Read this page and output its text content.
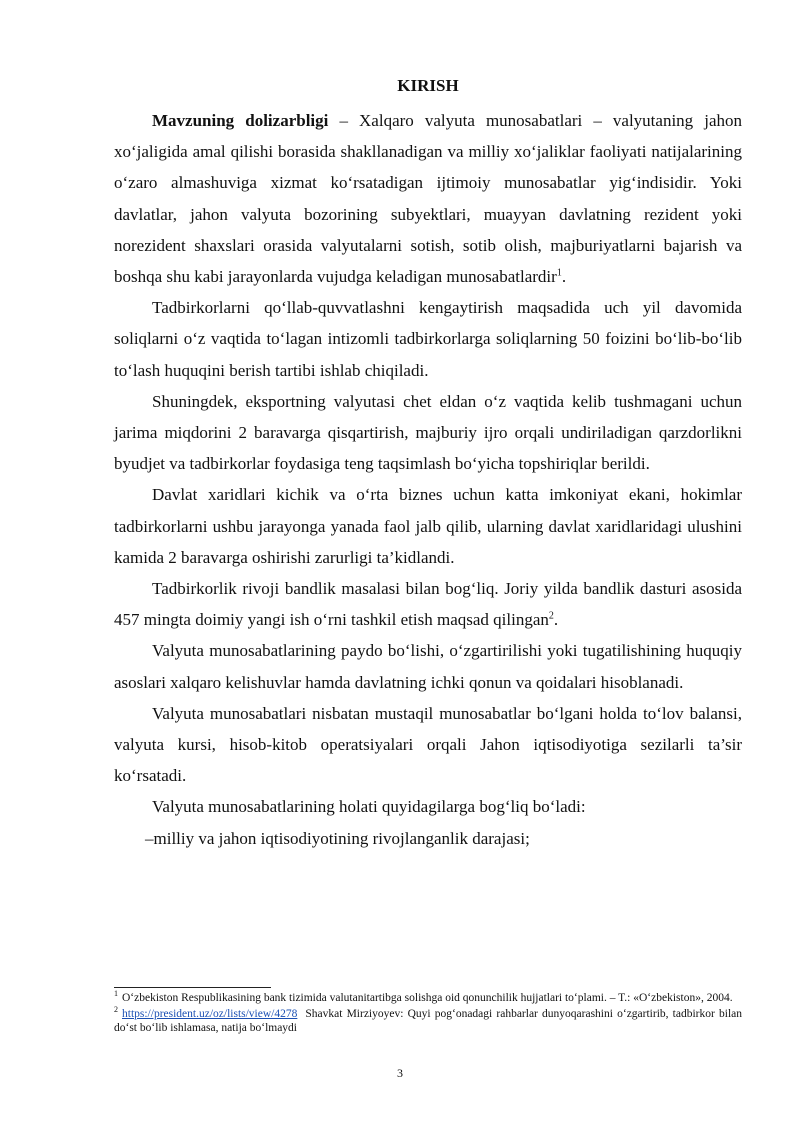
KIRISH

Mavzuning dolizarbligi – Xalqaro valyuta munosabatlari – valyutaning jahon xo‘jaligida amal qilishi borasida shakllanadigan va milliy xo‘jaliklar faoliyati natijalarining o‘zaro almashuviga xizmat ko‘rsatadigan ijtimoiy munosabatlar yig‘indisidir. Yoki davlatlar, jahon valyuta bozorining subyektlari, muayyan davlatning rezident yoki norezident shaxslari orasida valyutalarni sotish, sotib olish, majburiyatlarni bajarish va boshqa shu kabi jarayonlarda vujudga keladigan munosabatlardir$^1$.

Tadbirkorlarni qo‘llab-quvvatlashni kengaytirish maqsadida uch yil davomida soliqlarni o‘z vaqtida to‘lagan intizomli tadbirkorlarga soliqlarning 50 foizini bo‘lib-bo‘lib to‘lash huquqini berish tartibi ishlab chiqiladi.

Shuningdek, eksportning valyutasi chet eldan o‘z vaqtida kelib tushmagani uchun jarima miqdorini 2 baravarga qisqartirish, majburiy ijro orqali undiriladigan qarzdorlikni byudjet va tadbirkorlar foydasiga teng taqsimlash bo‘yicha topshiriqlar berildi.

Davlat xaridlari kichik va o‘rta biznes uchun katta imkoniyat ekani, hokimlar tadbirkorlarni ushbu jarayonga yanada faol jalb qilib, ularning davlat xaridlaridagi ulushini kamida 2 baravarga oshirishi zarurligi ta’kidlandi.

Tadbirkorlik rivoji bandlik masalasi bilan bog‘liq. Joriy yilda bandlik dasturi asosida 457 mingta doimiy yangi ish o‘rni tashkil etish maqsad qilingan$^2$.

Valyuta munosabatlarining paydo bo‘lishi, o‘zgartirilishi yoki tugatilishining huquqiy asoslari xalqaro kelishuvlar hamda davlatning ichki qonun va qoidalari hisoblanadi.

Valyuta munosabatlari nisbatan mustaqil munosabatlar bo‘lgani holda to‘lov balansi, valyuta kursi, hisob-kitob operatsiyalari orqali Jahon iqtisodiyotiga sezilarli ta’sir ko‘rsatadi.

Valyuta munosabatlarining holati quyidagilarga bog‘liq bo‘ladi:

–milliy va jahon iqtisodiyotining rivojlanganlik darajasi;

$^1$ O‘zbekiston Respublikasining bank tizimida valutanitartibga solishga oid qonunchilik hujjatlari to‘plami. – T.: «O‘zbekiston», 2004.

$^2$ https://president.uz/oz/lists/view/4278 Shavkat Mirziyoyev: Quyi pog‘onadagi rahbarlar dunyoqarashini o‘zgartirib, tadbirkor bilan do‘st bo‘lib ishlamasa, natija bo‘lmaydi

3
